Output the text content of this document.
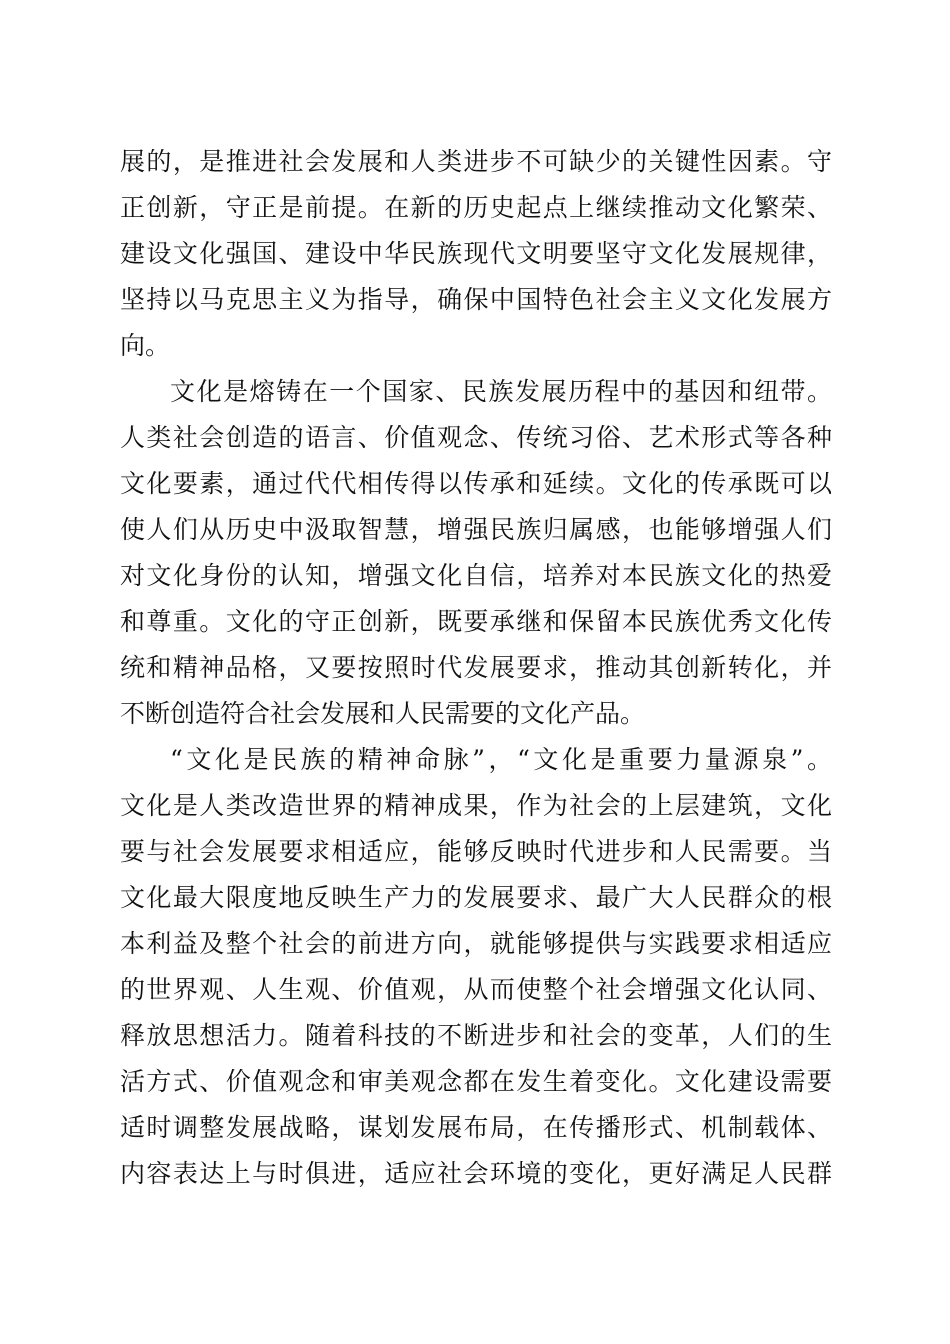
展的，是推进社会发展和人类进步不可缺少的关键性因素。守
正创新，守正是前提。在新的历史起点上继续推动文化繁荣、
建设文化强国、建设中华民族现代文明要坚守文化发展规律，
坚持以马克思主义为指导，确保中国特色社会主义文化发展方
向。
文化是熔铸在一个国家、民族发展历程中的基因和纽带。
人类社会创造的语言、价值观念、传统习俗、艺术形式等各种
文化要素，通过代代相传得以传承和延续。文化的传承既可以
使人们从历史中汲取智慧，增强民族归属感，也能够增强人们
对文化身份的认知，增强文化自信，培养对本民族文化的热爱
和尊重。文化的守正创新，既要承继和保留本民族优秀文化传
统和精神品格，又要按照时代发展要求，推动其创新转化，并
不断创造符合社会发展和人民需要的文化产品。
“文化是民族的精神命脉”，“文化是重要力量源泉”。
文化是人类改造世界的精神成果，作为社会的上层建筑，文化
要与社会发展要求相适应，能够反映时代进步和人民需要。当
文化最大限度地反映生产力的发展要求、最广大人民群众的根
本利益及整个社会的前进方向，就能够提供与实践要求相适应
的世界观、人生观、价值观，从而使整个社会增强文化认同、
释放思想活力。随着科技的不断进步和社会的变革，人们的生
活方式、价值观念和审美观念都在发生着变化。文化建设需要
适时调整发展战略，谋划发展布局，在传播形式、机制载体、
内容表达上与时俱进，适应社会环境的变化，更好满足人民群
